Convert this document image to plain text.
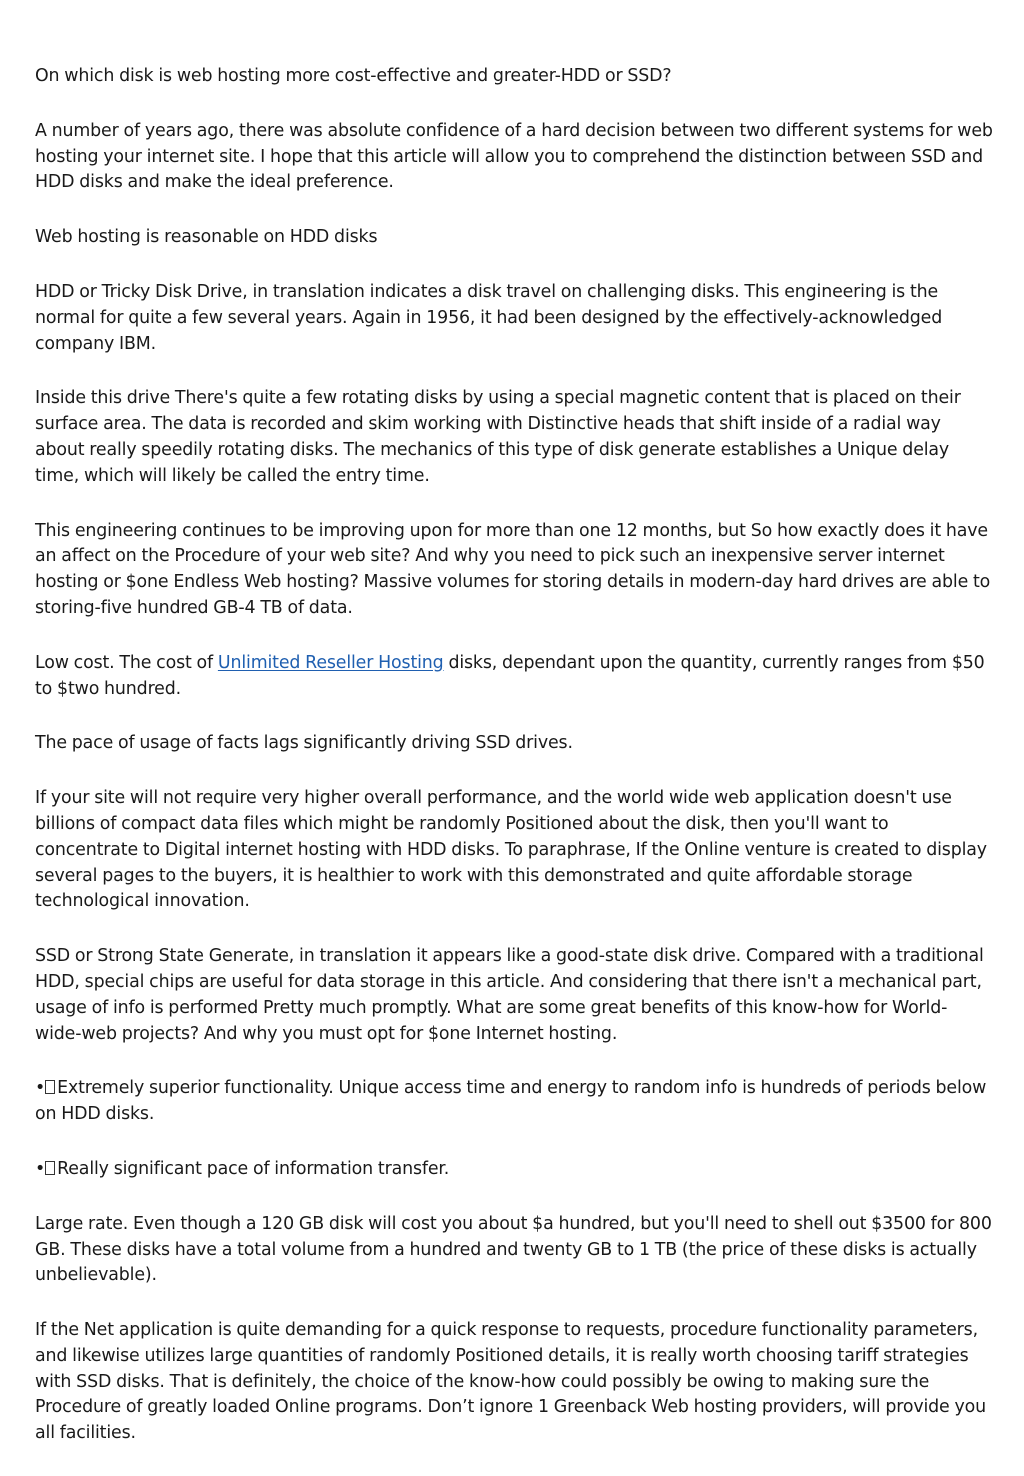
On which disk is web hosting more cost-effective and greater-HDD or SSD?

A number of years ago, there was absolute confidence of a hard decision between two different systems for web hosting your internet site. I hope that this article will allow you to comprehend the distinction between SSD and HDD disks and make the ideal preference.

Web hosting is reasonable on HDD disks

HDD or Tricky Disk Drive, in translation indicates a disk travel on challenging disks. This engineering is the normal for quite a few several years. Again in 1956, it had been designed by the effectively-acknowledged company IBM.

Inside this drive There's quite a few rotating disks by using a special magnetic content that is placed on their surface area. The data is recorded and skim working with Distinctive heads that shift inside of a radial way about really speedily rotating disks. The mechanics of this type of disk generate establishes a Unique delay time, which will likely be called the entry time.

This engineering continues to be improving upon for more than one 12 months, but So how exactly does it have an affect on the Procedure of your web site? And why you need to pick such an inexpensive server internet hosting or $one Endless Web hosting? Massive volumes for storing details in modern-day hard drives are able to storing-five hundred GB-4 TB of data.

Low cost. The cost of Unlimited Reseller Hosting disks, dependant upon the quantity, currently ranges from $50 to $two hundred.

The pace of usage of facts lags significantly driving SSD drives.

If your site will not require very higher overall performance, and the world wide web application doesn't use billions of compact data files which might be randomly Positioned about the disk, then you'll want to concentrate to Digital internet hosting with HDD disks. To paraphrase, If the Online venture is created to display several pages to the buyers, it is healthier to work with this demonstrated and quite affordable storage technological innovation.

SSD or Strong State Generate, in translation it appears like a good-state disk drive. Compared with a traditional HDD, special chips are useful for data storage in this article. And considering that there isn't a mechanical part, usage of info is performed Pretty much promptly. What are some great benefits of this know-how for World-wide-web projects? And why you must opt for $one Internet hosting.

• Extremely superior functionality. Unique access time and energy to random info is hundreds of periods below on HDD disks.

• Really significant pace of information transfer.

Large rate. Even though a 120 GB disk will cost you about $a hundred, but you'll need to shell out $3500 for 800 GB. These disks have a total volume from a hundred and twenty GB to 1 TB (the price of these disks is actually unbelievable).

If the Net application is quite demanding for a quick response to requests, procedure functionality parameters, and likewise utilizes large quantities of randomly Positioned details, it is really worth choosing tariff strategies with SSD disks. That is definitely, the choice of the know-how could possibly be owing to making sure the Procedure of greatly loaded Online programs. Don’t ignore 1 Greenback Web hosting providers, will provide you all facilities.
